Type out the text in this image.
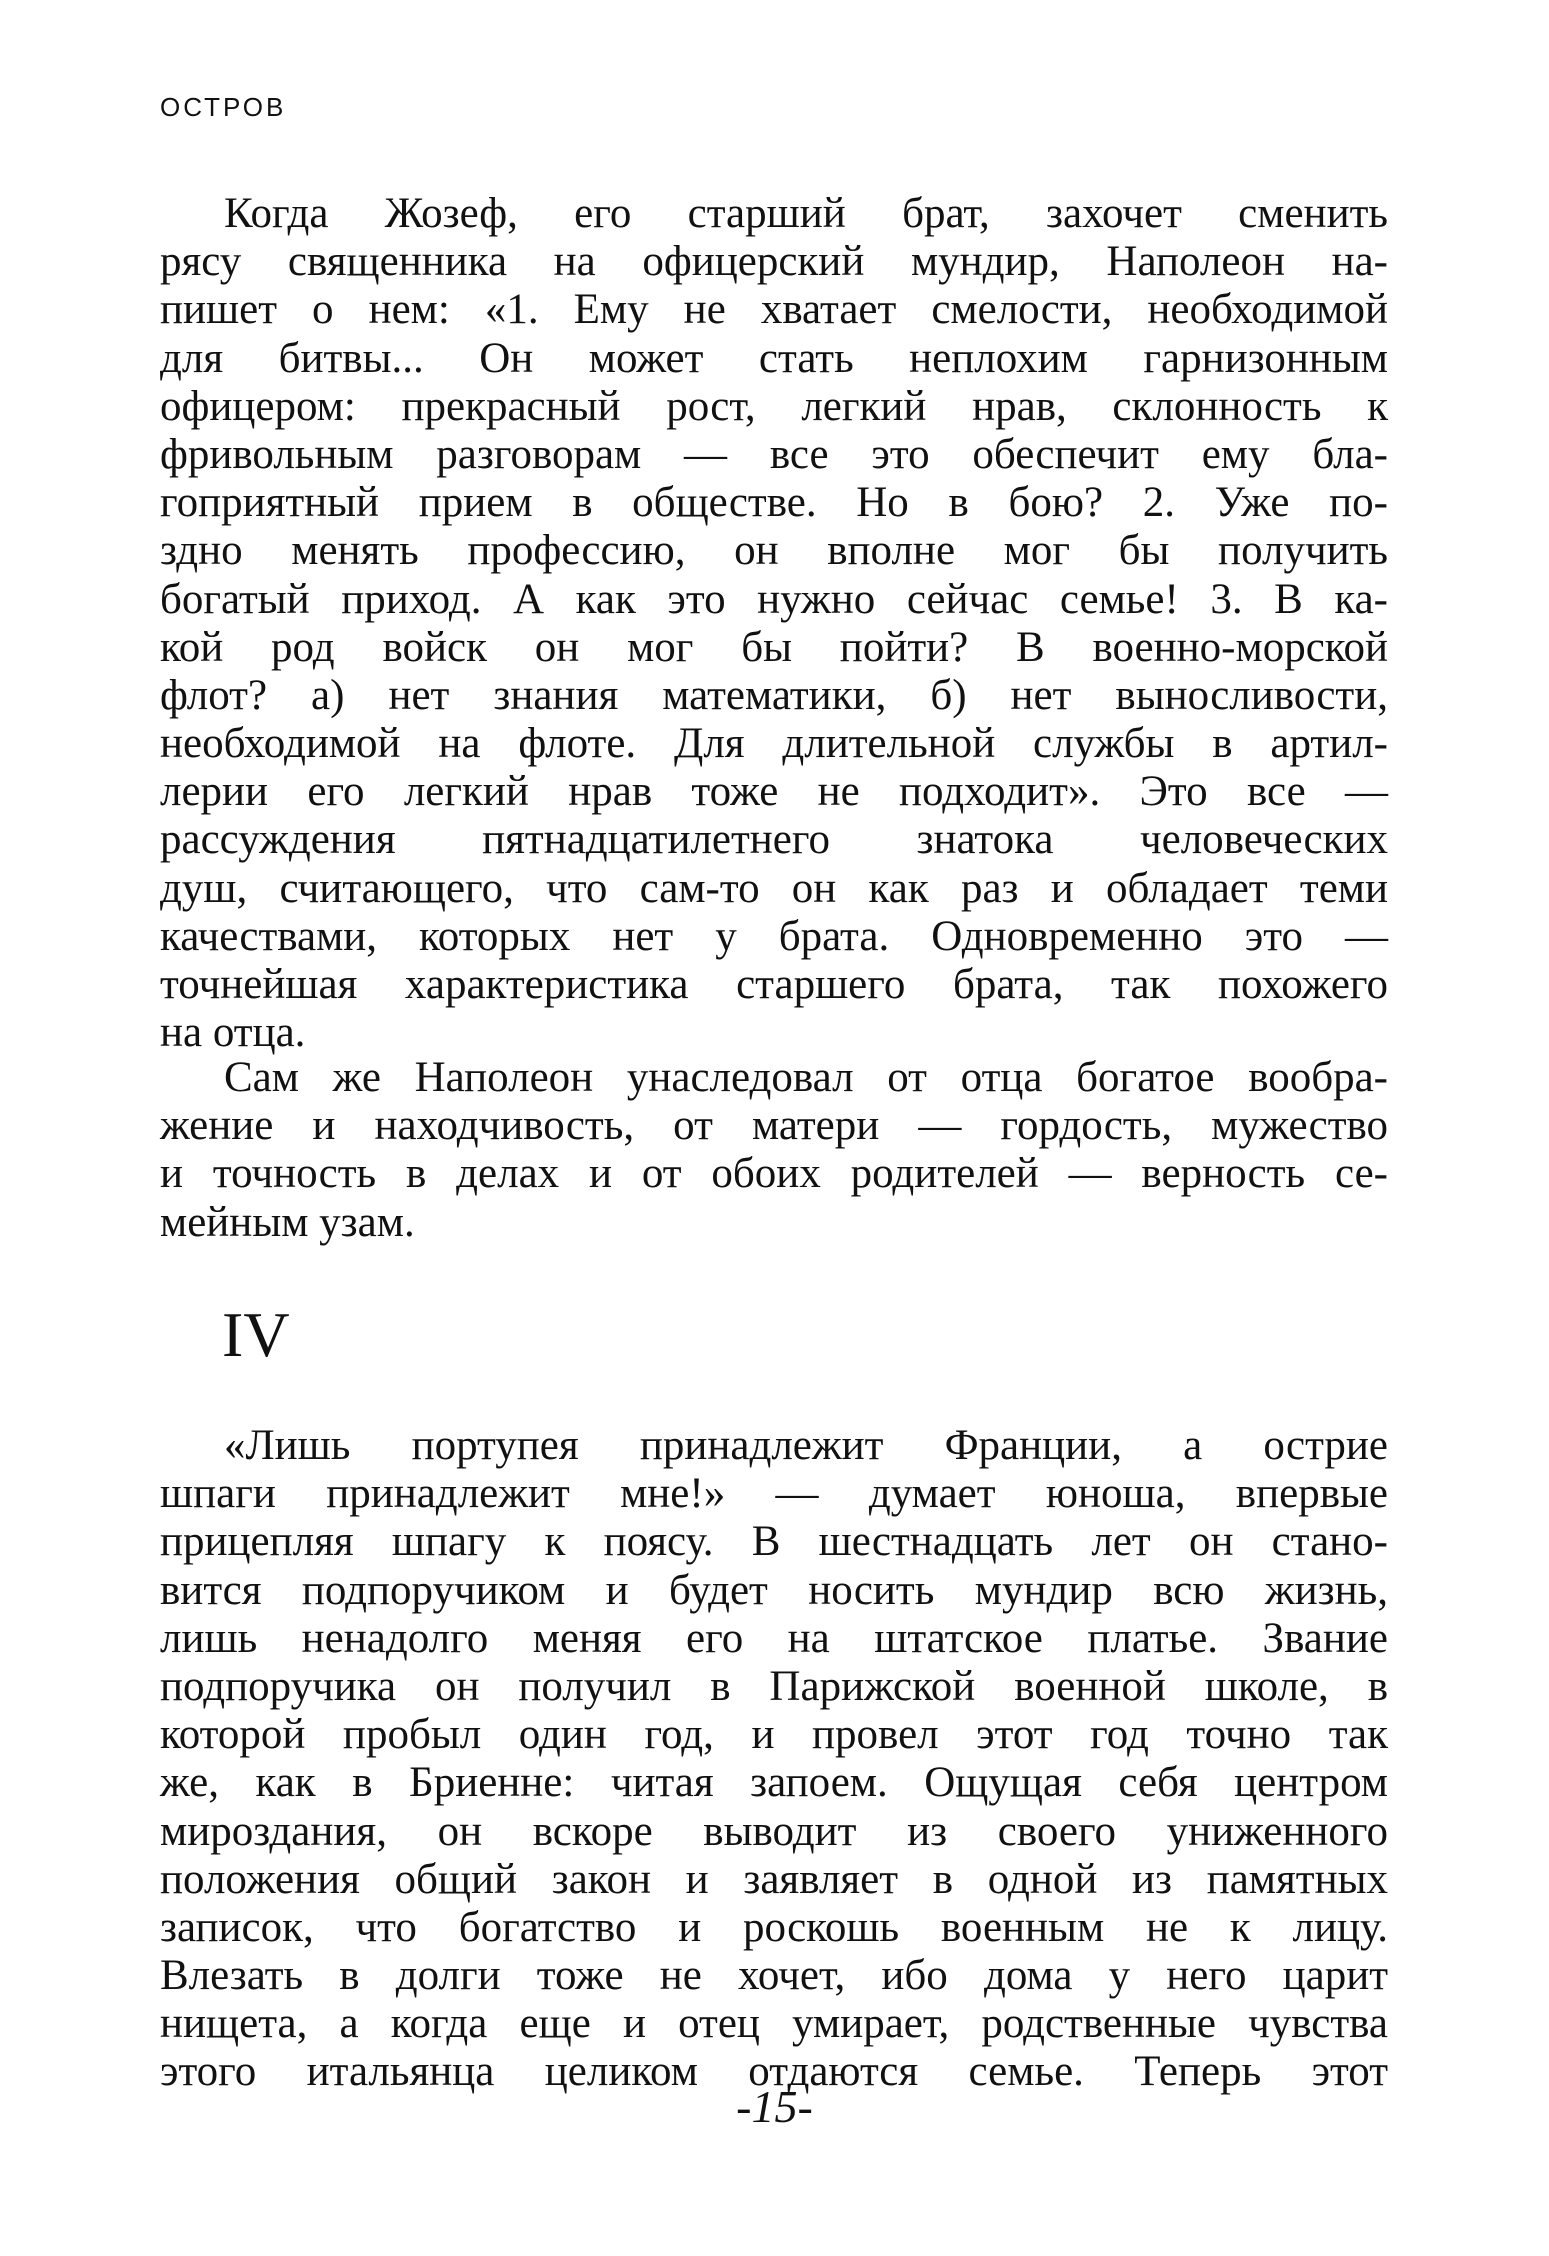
ОСТРОВ
Когда Жозеф, его старший брат, захочет сменить
рясу священника на офицерский мундир, Наполеон на-
пишет о нем: «1. Ему не хватает смелости, необходимой
для битвы... Он может стать неплохим гарнизонным
офицером: прекрасный рост, легкий нрав, склонность к
фривольным разговорам — все это обеспечит ему бла-
гоприятный прием в обществе. Но в бою? 2. Уже по-
здно менять профессию, он вполне мог бы получить
богатый приход. А как это нужно сейчас семье! 3. В ка-
кой род войск он мог бы пойти? В военно-морской
флот? а) нет знания математики, б) нет выносливости,
необходимой на флоте. Для длительной службы в артил-
лерии его легкий нрав тоже не подходит». Это все —
рассуждения пятнадцатилетнего знатока человеческих
душ, считающего, что сам-то он как раз и обладает теми
качествами, которых нет у брата. Одновременно это —
точнейшая характеристика старшего брата, так похожего
на отца.
Сам же Наполеон унаследовал от отца богатое вообра-
жение и находчивость, от матери — гордость, мужество
и точность в делах и от обоих родителей — верность се-
мейным узам.
IV
«Лишь портупея принадлежит Франции, а острие
шпаги принадлежит мне!» — думает юноша, впервые
прицепляя шпагу к поясу. В шестнадцать лет он стано-
вится подпоручиком и будет носить мундир всю жизнь,
лишь ненадолго меняя его на штатское платье. Звание
подпоручика он получил в Парижской военной школе, в
которой пробыл один год, и провел этот год точно так
же, как в Бриенне: читая запоем. Ощущая себя центром
мироздания, он вскоре выводит из своего униженного
положения общий закон и заявляет в одной из памятных
записок, что богатство и роскошь военным не к лицу.
Влезать в долги тоже не хочет, ибо дома у него царит
нищета, а когда еще и отец умирает, родственные чувства
этого итальянца целиком отдаются семье. Теперь этот
-15-
